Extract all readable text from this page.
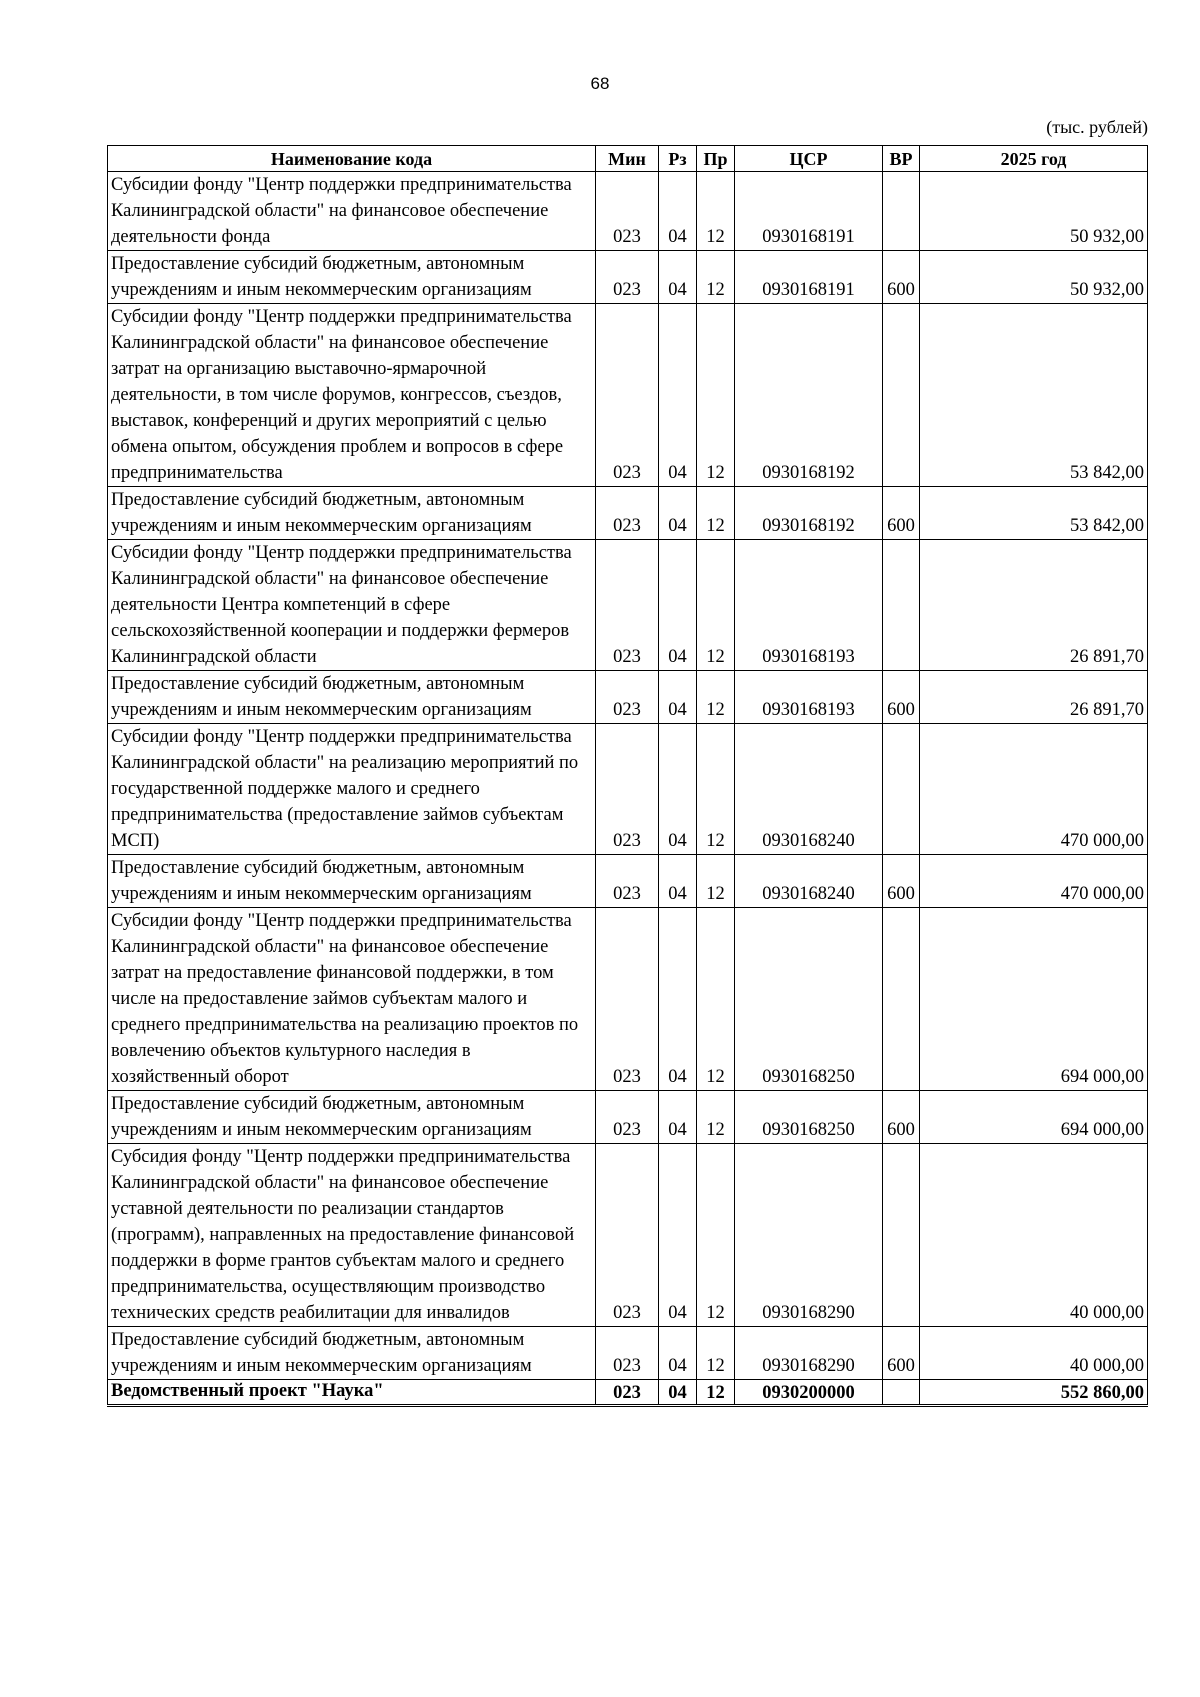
68
(тыс. рублей)
Наименование кода	Мин	Рз	Пр	ЦСР	ВР	2025 год
Субсидии фонду "Центр поддержки предпринимательства Калининградской области" на финансовое обеспечение деятельности фонда	023	04	12	0930168191		50 932,00
Предоставление субсидий бюджетным, автономным учреждениям и иным некоммерческим организациям	023	04	12	0930168191	600	50 932,00
Субсидии фонду "Центр поддержки предпринимательства Калининградской области" на финансовое обеспечение затрат на организацию выставочно-ярмарочной деятельности, в том числе форумов, конгрессов, съездов, выставок, конференций и других мероприятий с целью обмена опытом, обсуждения проблем и вопросов в сфере предпринимательства	023	04	12	0930168192		53 842,00
Предоставление субсидий бюджетным, автономным учреждениям и иным некоммерческим организациям	023	04	12	0930168192	600	53 842,00
Субсидии фонду "Центр поддержки предпринимательства Калининградской области" на финансовое обеспечение деятельности Центра компетенций в сфере сельскохозяйственной кооперации и поддержки фермеров Калининградской области	023	04	12	0930168193		26 891,70
Предоставление субсидий бюджетным, автономным учреждениям и иным некоммерческим организациям	023	04	12	0930168193	600	26 891,70
Субсидии фонду "Центр поддержки предпринимательства Калининградской области" на реализацию мероприятий по государственной поддержке малого и среднего предпринимательства (предоставление займов субъектам МСП)	023	04	12	0930168240		470 000,00
Предоставление субсидий бюджетным, автономным учреждениям и иным некоммерческим организациям	023	04	12	0930168240	600	470 000,00
Субсидии фонду "Центр поддержки предпринимательства Калининградской области" на финансовое обеспечение затрат на предоставление финансовой поддержки, в том числе на предоставление займов субъектам малого и среднего предпринимательства на реализацию проектов по вовлечению объектов культурного наследия в хозяйственный оборот	023	04	12	0930168250		694 000,00
Предоставление субсидий бюджетным, автономным учреждениям и иным некоммерческим организациям	023	04	12	0930168250	600	694 000,00
Субсидия фонду "Центр поддержки предпринимательства Калининградской области" на финансовое обеспечение уставной деятельности по реализации стандартов (программ), направленных на предоставление финансовой поддержки в форме грантов субъектам малого и среднего предпринимательства, осуществляющим производство технических средств реабилитации для инвалидов	023	04	12	0930168290		40 000,00
Предоставление субсидий бюджетным, автономным учреждениям и иным некоммерческим организациям	023	04	12	0930168290	600	40 000,00
Ведомственный проект "Наука"	023	04	12	0930200000		552 860,00
